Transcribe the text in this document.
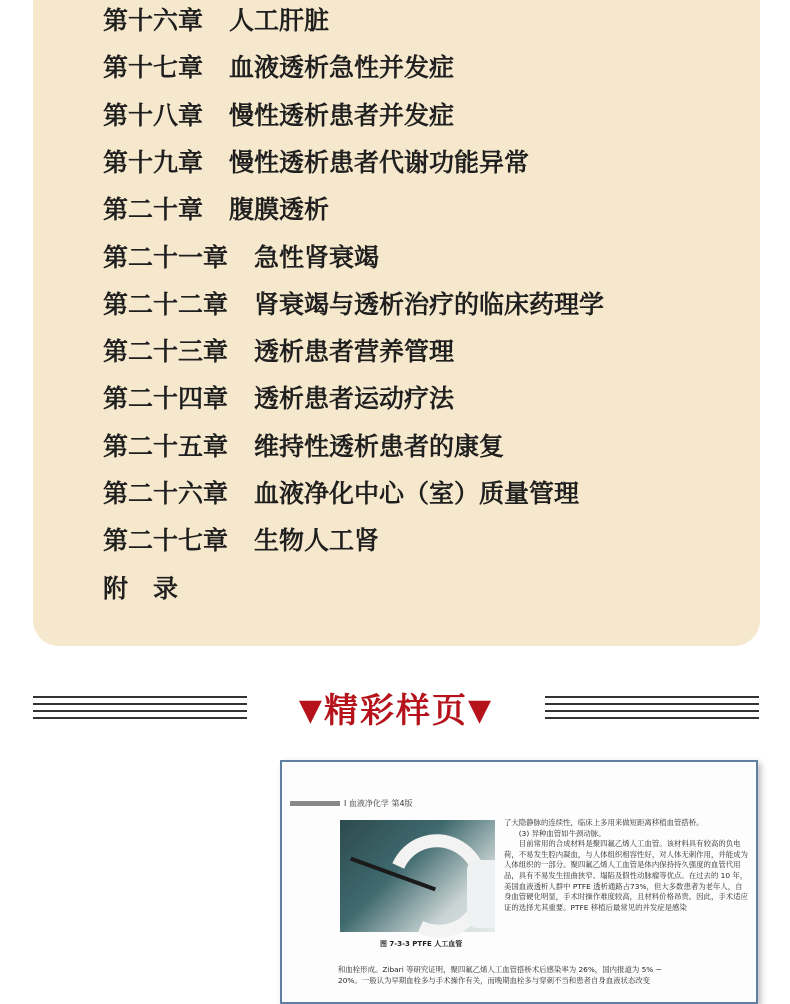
第十六章 人工肝脏
第十七章 血液透析急性并发症
第十八章 慢性透析患者并发症
第十九章 慢性透析患者代谢功能异常
第二十章 腹膜透析
第二十一章 急性肾衰竭
第二十二章 肾衰竭与透析治疗的临床药理学
第二十三章 透析患者营养管理
第二十四章 透析患者运动疗法
第二十五章 维持性透析患者的康复
第二十六章 血液净化中心（室）质量管理
第二十七章 生物人工肾
附　录
▼精彩样页▼
I 血液净化学 第4版
图 7-3-3 PTFE 人工血管

了大隐静脉的连续性，临床上多用来做短距离移植血管搭桥。

(3) 异种血管如牛颈动脉。

目前常用的合成材料是聚四氟乙烯人工血管。该材料具有较高的负电荷，不易发生腔内凝血，与人体组织相容性好，对人体无刺作用，并能成为人体组织的一部分。聚四氟乙烯人工血管是体内保持持久强度的血管代用品，具有不易发生扭曲狭窄、塌陷及假性动脉瘤等优点。在过去的 10 年，美国血液透析人群中 PTFE 透析通路占73%，但大多数患者为老年人，自身血管硬化明显，手术时操作难度较高，且材料价格昂贵。因此，手术适应证的选择尤其重要。PTFE 移植后最常见的并发症是感染

和血栓形成。Zibari 等研究证明，聚四氟乙烯人工血管搭桥术后感染率为 26%，国内报道为 5% ~

20%。一般认为早期血栓多与手术操作有关，而晚期血栓多与穿刺不当和患者自身血液状态改变
